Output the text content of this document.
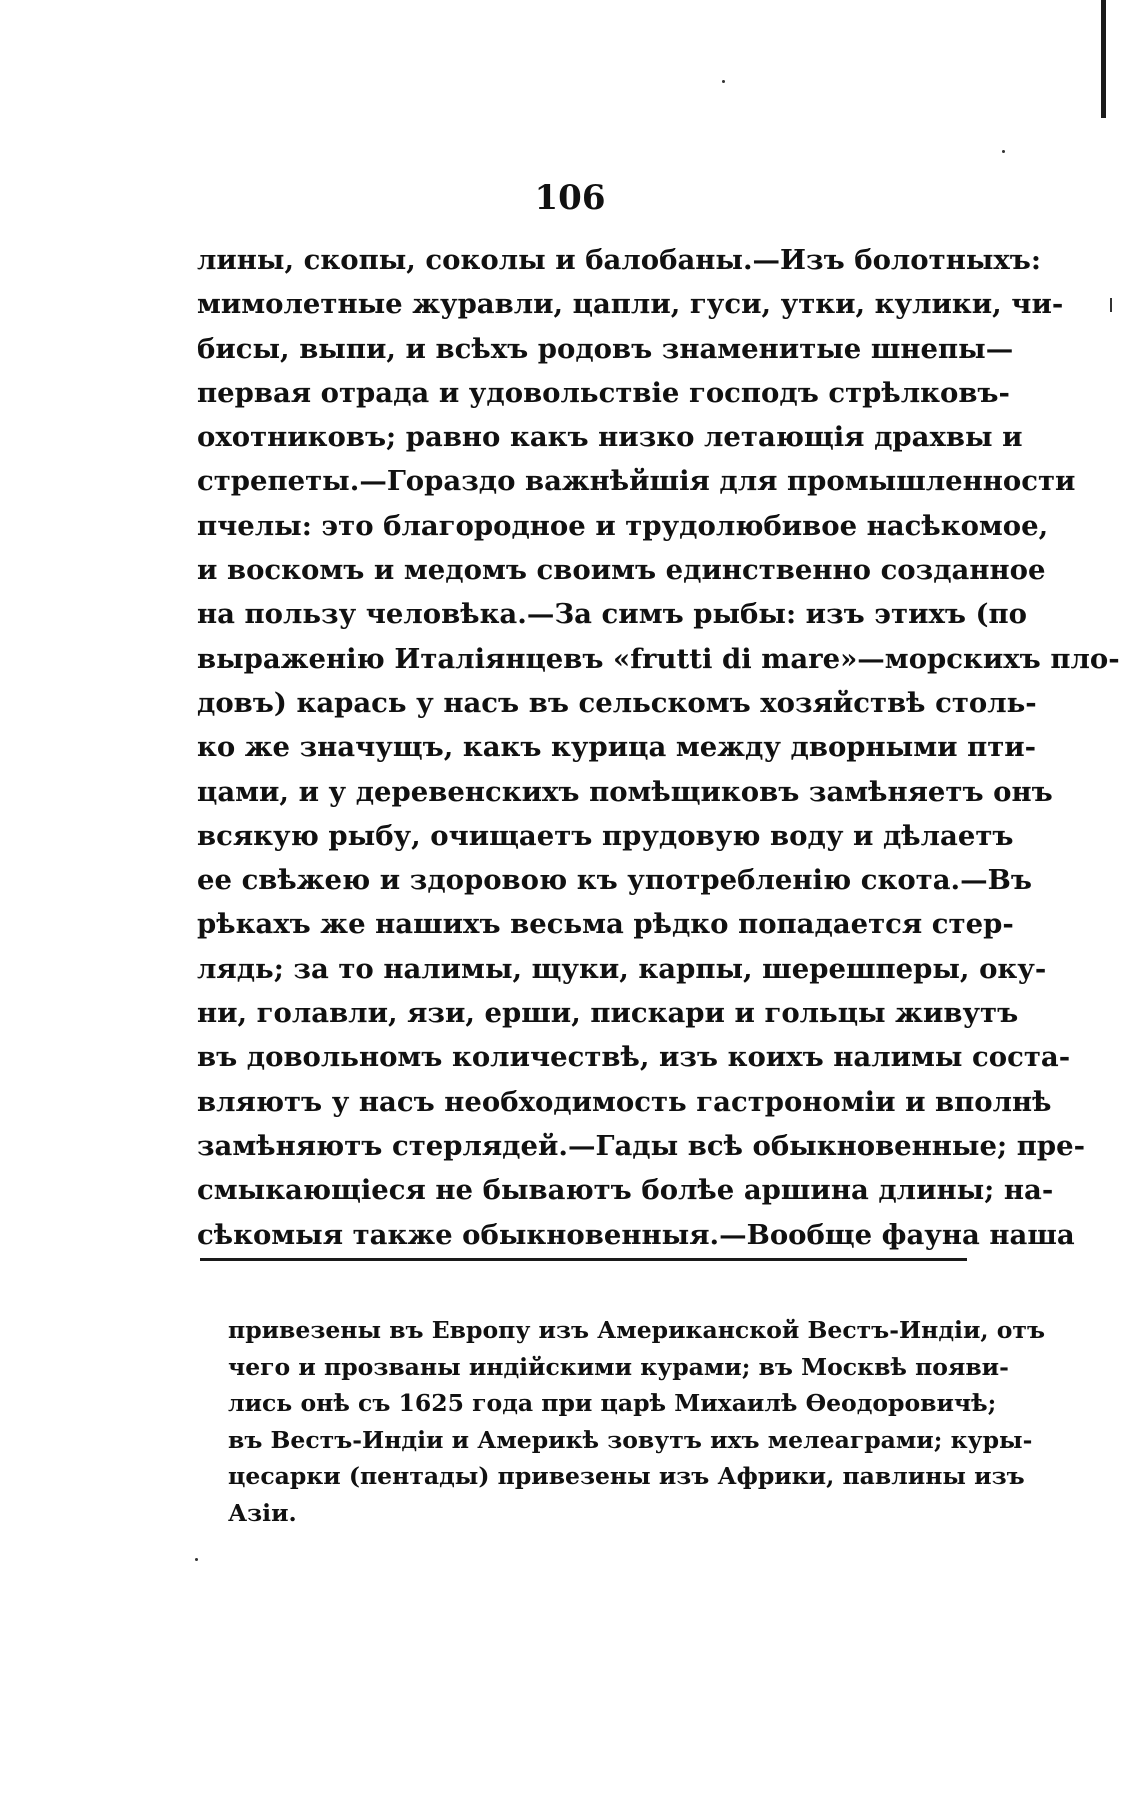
106
лины, скопы, соколы и балобаны.—Изъ болотныхъ:
мимолетные журавли, цапли, гуси, утки, кулики, чи-
бисы, выпи, и всѣхъ родовъ знаменитые шнепы—
первая отрада и удовольствіе господъ стрѣлковъ-
охотниковъ; равно какъ низко летающія драхвы и
стрепеты.—Гораздо важнѣйшія для промышленности
пчелы: это благородное и трудолюбивое насѣкомое,
и воскомъ и медомъ своимъ единственно созданное
на пользу человѣка.—За симъ рыбы: изъ этихъ (по
выраженію Италіянцевъ «frutti di mare»—морскихъ пло-
довъ) карась у насъ въ сельскомъ хозяйствѣ столь-
ко же значущъ, какъ курица между дворными пти-
цами, и у деревенскихъ помѣщиковъ замѣняетъ онъ
всякую рыбу, очищаетъ прудовую воду и дѣлаетъ
ее свѣжею и здоровою къ употребленію скота.—Въ
рѣкахъ же нашихъ весьма рѣдко попадается стер-
лядь; за то налимы, щуки, карпы, шерешперы, оку-
ни, голавли, язи, ерши, пискари и гольцы живутъ
въ довольномъ количествѣ, изъ коихъ налимы соста-
вляютъ у насъ необходимость гастрономіи и вполнѣ
замѣняютъ стерлядей.—Гады всѣ обыкновенные; пре-
смыкающіеся не бываютъ болѣе аршина длины; на-
сѣкомыя также обыкновенныя.—Вообще фауна наша
привезены въ Европу изъ Американской Вестъ-Индіи, отъ
чего и прозваны индійскими курами; въ Москвѣ появи-
лись онѣ съ 1625 года при царѣ Михаилѣ Ѳеодоровичѣ;
въ Вестъ-Индіи и Америкѣ зовутъ ихъ мелеаграми; куры-
цесарки (пентады) привезены изъ Африки, павлины изъ
Азіи.
